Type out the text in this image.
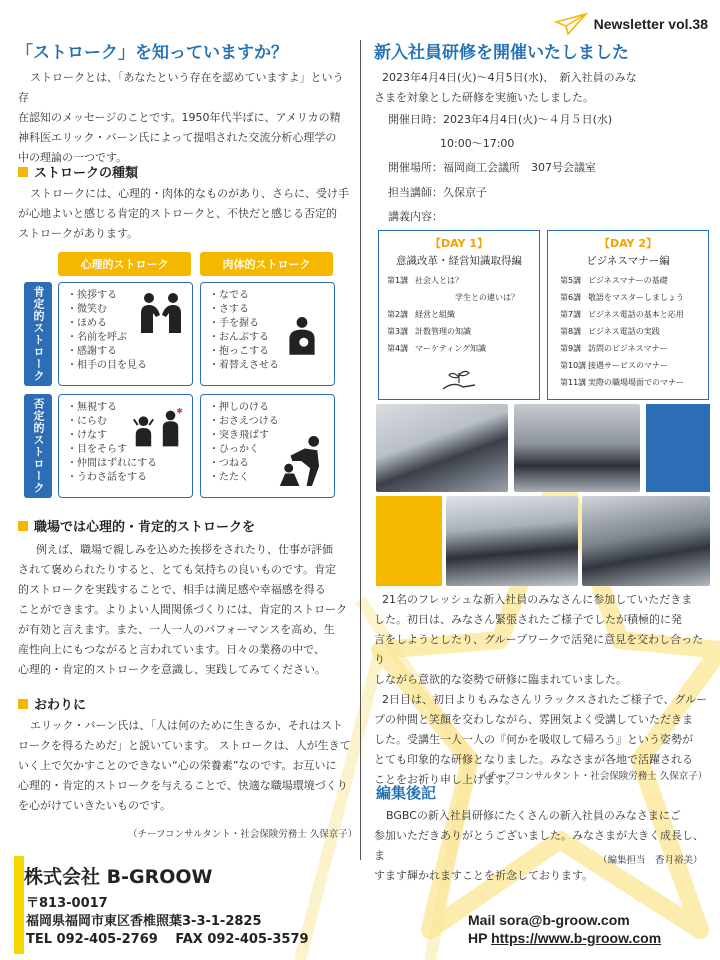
Newsletter vol.38
「ストローク」を知っていますか？
ストロークとは、「あなたという存在を認めていますよ」という存
在認知のメッセージのことです。1950年代半ばに、アメリカの精
神科医エリック・バーン氏によって提唱された交流分析心理学の
中の理論の一つです。
ストロークの種類
ストロークには、心理的・肉体的なものがあり、さらに、受け手
が心地よいと感じる肯定的ストロークと、不快だと感じる否定的
ストロークがあります。
心理的ストローク	肉体的ストローク
肯定的ストローク
否定的ストローク
・ 挨拶する
・ 微笑む
・ ほめる
・ 名前を呼ぶ
・ 感謝する
・ 相手の目を見る
・ なでる
・ さする
・ 手を握る
・ おんぶする
・ 抱っこする
・ 着替えさせる
・ 無視する
・ にらむ
・ けなす
・ 目をそらす
・ 仲間はずれにする
・ うわさ話をする
✱
・	押しのける
・ おさえつける
・ 突き飛ばす
・ ひっかく
・ つねる
・ たたく
職場では心理的・肯定的ストロークを
例えば、職場で親しみを込めた挨拶をされたり、仕事が評価
されて褒められたりすると、とても気持ちの良いものです。肯定
的ストロークを実践することで、相手は満足感や幸福感を得る
ことができます。よりよい人間関係づくりには、肯定的ストローク
が有効と言えます。また、一人一人のパフォーマンスを高め、生
産性向上にもつながると言われています。日々の業務の中で、
心理的・肯定的ストロークを意識し、実践してみてください。
おわりに
エリック・バーン氏は、「人は何のために生きるか、それはスト
ロークを得るためだ」と説いています。 ストロークは、人が生きて
いく上で欠かすことのできない“心の栄養素”なのです。お互いに
心理的・肯定的ストロークを与えることで、快適な職場環境づくり
を心がけていきたいものです。
（チーフコンサルタント・社会保険労務士 久保京子）
新入社員研修を開催いたしました
2023年4月4日(火)～4月5日(水)、　新入社員のみな
さまを対象とした研修を実施いたしました。
開催日時：2023年4月4日(火)～４月５日(水)
10:00～17:00
開催場所：福岡商工会議所　307号会議室
担当講師：久保京子
講義内容：
【DAY 1】
意識改革・経営知識取得編
第1講 社会人とは？
学生との違いは？
第2講 経営と組織
第3講 計数管理の知識
第4講 マーケティング知識
【DAY 2】
ビジネスマナー編
第5講 ビジネスマナーの基礎
第6講 敬語をマスターしましょう
第7講 ビジネス電話の基本と応用
第8講 ビジネス電話の実践
第9講 訪問のビジネスマナー
第10講 接遇サービスのマナー
第11講 実際の職場場面でのマナー
21名のフレッシュな新入社員のみなさんに参加していただきま
した。初日は、みなさん緊張されたご様子でしたが積極的に発
言をしようとしたり、グループワークで活発に意見を交わし合ったり
しながら意欲的な姿勢で研修に臨まれていました。
2日目は、初日よりもみなさんリラックスされたご様子で、グルー
プの仲間と笑顔を交わしながら、雰囲気よく受講していただきま
した。受講生一人一人の『何かを吸収して帰ろう』という姿勢が
とても印象的な研修となりました。みなさまが各地で活躍される
ことをお祈り申し上げます。
（チーフコンサルタント・社会保険労務士 久保京子）
編集後記
BGBCの新入社員研修にたくさんの新入社員のみなさまにご
参加いただきありがとうございました。みなさまが大きく成長し、ま
すます輝かれますことを祈念しております。
（編集担当　香月裕美）
株式会社 B-GROOW
〒813-0017
福岡県福岡市東区香椎照葉3-3-1-2825
TEL 092-405-2769　 FAX 092-405-3579
Mail sora@b-groow.com
HP https://www.b-groow.com
